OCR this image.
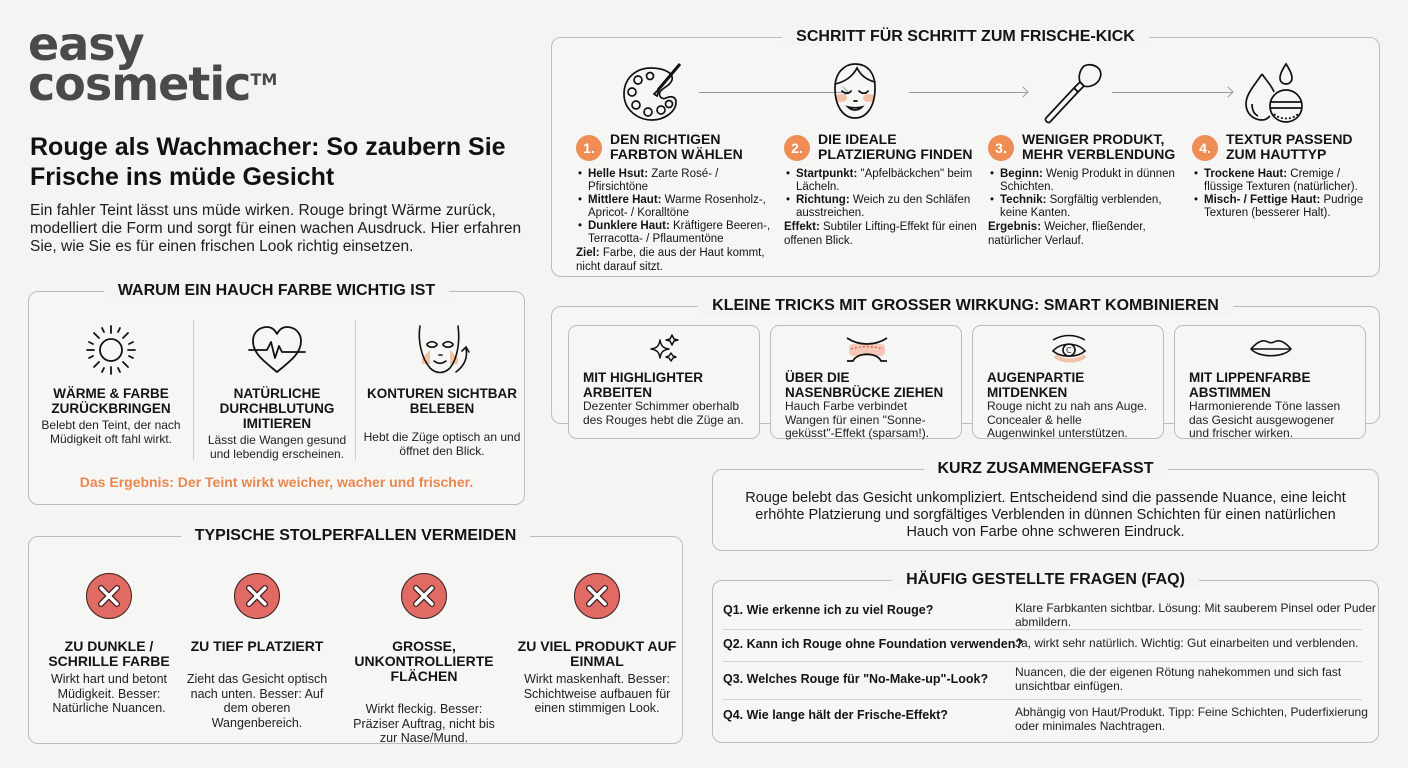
easy
cosmetic™
Rouge als Wachmacher: So zaubern Sie Frische ins müde Gesicht

Ein fahler Teint lässt uns müde wirken. Rouge bringt Wärme zurück, modelliert die Form und sorgt für einen wachen Ausdruck. Hier erfahren Sie, wie Sie es für einen frischen Look richtig einsetzen.

WARUM EIN HAUCH FARBE WICHTIG IST
WÄRME & FARBE ZURÜCKBRINGEN

Belebt den Teint, der nach Müdigkeit oft fahl wirkt.

NATÜRLICHE DURCHBLUTUNG IMITIEREN

Lässt die Wangen gesund und lebendig erscheinen.

KONTUREN SICHTBAR BELEBEN

Hebt die Züge optisch an und öffnet den Blick.

Das Ergebnis: Der Teint wirkt weicher, wacher und frischer.
TYPISCHE STOLPERFALLEN VERMEIDEN
ZU DUNKLE / SCHRILLE FARBE

Wirkt hart und betont Müdigkeit. Besser: Natürliche Nuancen.

ZU TIEF PLATZIERT

Zieht das Gesicht optisch nach unten. Besser: Auf dem oberen Wangenbereich.

GROSSE, UNKONTROLLIERTE FLÄCHEN

Wirkt fleckig. Besser: Präziser Auftrag, nicht bis zur Nase/Mund.

ZU VIEL PRODUKT AUF EINMAL

Wirkt maskenhaft. Besser: Schichtweise aufbauen für einen stimmigen Look.

SCHRITT FÜR SCHRITT ZUM FRISCHE-KICK
1.
DEN RICHTIGEN FARBTON WÄHLEN
• Helle Hsut: Zarte Rosé- / Pfirsichtöne
• Mittlere Haut: Warme Rosenholz-, Apricot- / Koralltöne
• Dunklere Haut: Kräftigere Beeren-, Terracotta- / Pflaumentöne
Ziel: Farbe, die aus der Haut kommt, nicht darauf sitzt.
2.
DIE IDEALE PLATZIERUNG FINDEN
• Startpunkt: "Apfelbäckchen" beim Lächeln.
• Richtung: Weich zu den Schläfen ausstreichen.
Effekt: Subtiler Lifting-Effekt für einen offenen Blick.
3.
WENIGER PRODUKT, MEHR VERBLENDUNG
• Beginn: Wenig Produkt in dünnen Schichten.
• Technik: Sorgfältig verblenden, keine Kanten.
Ergebnis: Weicher, fließender, natürlicher Verlauf.
4.
TEXTUR PASSEND ZUM HAUTTYP
• Trockene Haut: Cremige / flüssige Texturen (natürlicher).
• Misch- / Fettige Haut: Pudrige Texturen (besserer Halt).
KLEINE TRICKS MIT GROSSER WIRKUNG: SMART KOMBINIEREN
MIT HIGHLIGHTER ARBEITEN

Dezenter Schimmer oberhalb des Rouges hebt die Züge an.

ÜBER DIE NASENBRÜCKE ZIEHEN

Hauch Farbe verbindet Wangen für einen "Sonne-geküsst"-Effekt (sparsam!).

C
AUGENPARTIE MITDENKEN

Rouge nicht zu nah ans Auge. Concealer & helle Augenwinkel unterstützen.

MIT LIPPENFARBE ABSTIMMEN

Harmonierende Töne lassen das Gesicht ausgewogener und frischer wirken.

KURZ ZUSAMMENGEFASST

Rouge belebt das Gesicht unkompliziert. Entscheidend sind die passende Nuance, eine leicht erhöhte Platzierung und sorgfältiges Verblenden in dünnen Schichten für einen natürlichen Hauch von Farbe ohne schweren Eindruck.

HÄUFIG GESTELLTE FRAGEN (FAQ)
Q1. Wie erkenne ich zu viel Rouge?	Klare Farbkanten sichtbar. Lösung: Mit sauberem Pinsel oder Puder abmildern.
Q2. Kann ich Rouge ohne Foundation verwenden?
Ja, wirkt sehr natürlich. Wichtig: Gut einarbeiten und verblenden.
Q3. Welches Rouge für "No-Make-up"-Look? Nuancen, die der eigenen Rötung nahekommen und sich fast unsichtbar einfügen.
Q4. Wie lange hält der Frische-Effekt?	Abhängig von Haut/Produkt. Tipp: Feine Schichten, Puderfixierung oder minimales Nachtragen.
